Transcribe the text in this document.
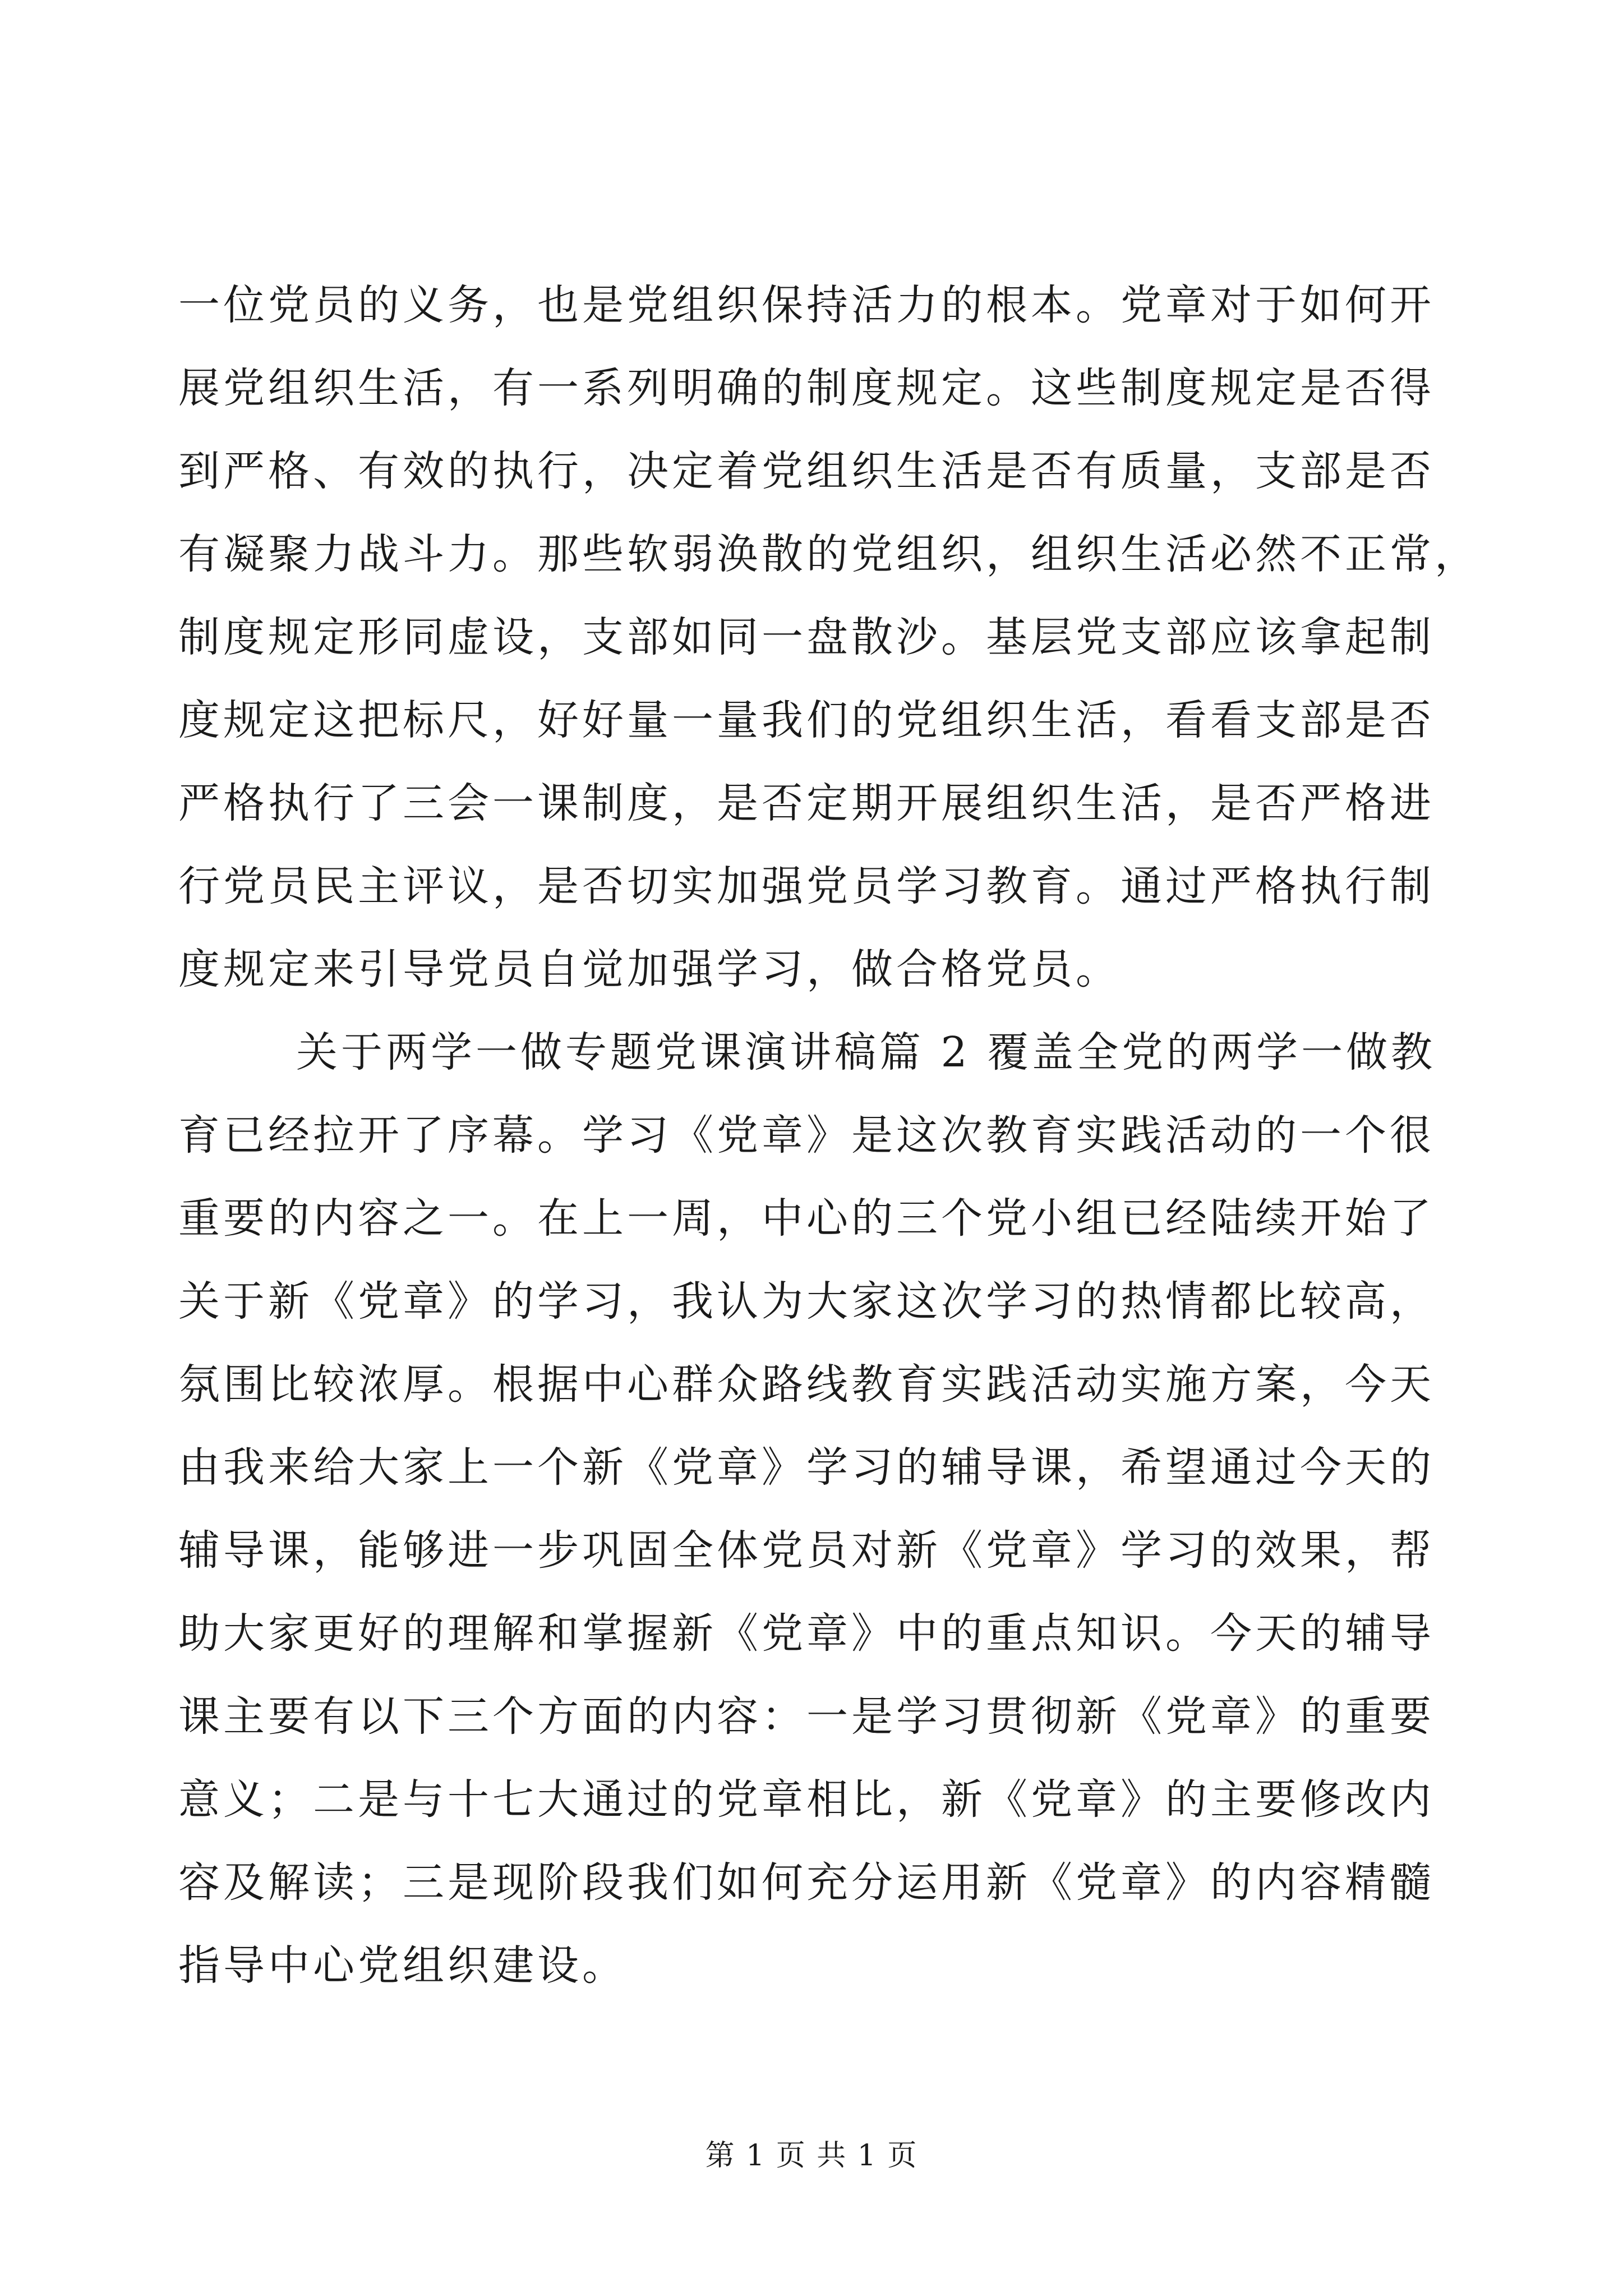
一位党员的义务，也是党组织保持活力的根本。党章对于如何开
展党组织生活，有一系列明确的制度规定。这些制度规定是否得
到严格、有效的执行，决定着党组织生活是否有质量，支部是否
有凝聚力战斗力。那些软弱涣散的党组织，组织生活必然不正常，
制度规定形同虚设，支部如同一盘散沙。基层党支部应该拿起制
度规定这把标尺，好好量一量我们的党组织生活，看看支部是否
严格执行了三会一课制度，是否定期开展组织生活，是否严格进
行党员民主评议，是否切实加强党员学习教育。通过严格执行制
度规定来引导党员自觉加强学习，做合格党员。
关于两学一做专题党课演讲稿篇 2 覆盖全党的两学一做教
育已经拉开了序幕。学习《党章》是这次教育实践活动的一个很
重要的内容之一。在上一周，中心的三个党小组已经陆续开始了
关于新《党章》的学习，我认为大家这次学习的热情都比较高，
氛围比较浓厚。根据中心群众路线教育实践活动实施方案，今天
由我来给大家上一个新《党章》学习的辅导课，希望通过今天的
辅导课，能够进一步巩固全体党员对新《党章》学习的效果，帮
助大家更好的理解和掌握新《党章》中的重点知识。今天的辅导
课主要有以下三个方面的内容：一是学习贯彻新《党章》的重要
意义；二是与十七大通过的党章相比，新《党章》的主要修改内
容及解读；三是现阶段我们如何充分运用新《党章》的内容精髓
指导中心党组织建设。
第 1 页 共 1 页
